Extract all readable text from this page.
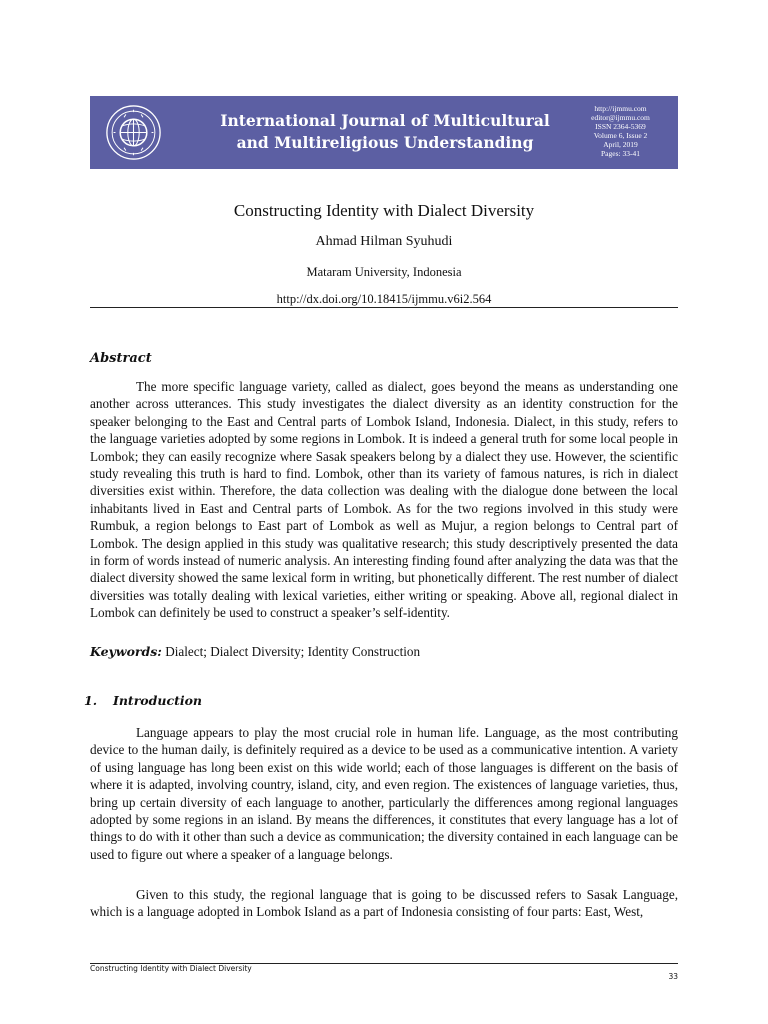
International Journal of Multicultural
and Multireligious Understanding
http://ijmmu.com
editor@ijmmu.com
ISSN 2364-5369
Volume 6, Issue 2
April, 2019
Pages: 33-41
Constructing Identity with Dialect Diversity
Ahmad Hilman Syuhudi
Mataram University, Indonesia
http://dx.doi.org/10.18415/ijmmu.v6i2.564
Abstract

The more specific language variety, called as dialect, goes beyond the means as understanding one another across utterances. This study investigates the dialect diversity as an identity construction for the speaker belonging to the East and Central parts of Lombok Island, Indonesia. Dialect, in this study, refers to the language varieties adopted by some regions in Lombok. It is indeed a general truth for some local people in Lombok; they can easily recognize where Sasak speakers belong by a dialect they use. However, the scientific study revealing this truth is hard to find. Lombok, other than its variety of famous natures, is rich in dialect diversities exist within. Therefore, the data collection was dealing with the dialogue done between the local inhabitants lived in East and Central parts of Lombok. As for the two regions involved in this study were Rumbuk, a region belongs to East part of Lombok as well as Mujur, a region belongs to Central part of Lombok. The design applied in this study was qualitative research; this study descriptively presented the data in form of words instead of numeric analysis. An interesting finding found after analyzing the data was that the dialect diversity showed the same lexical form in writing, but phonetically different. The rest number of dialect diversities was totally dealing with lexical varieties, either writing or speaking. Above all, regional dialect in Lombok can definitely be used to construct a speaker’s self-identity.

Keywords: Dialect; Dialect Diversity; Identity Construction
1. Introduction

Language appears to play the most crucial role in human life. Language, as the most contributing device to the human daily, is definitely required as a device to be used as a communicative intention. A variety of using language has long been exist on this wide world; each of those languages is different on the basis of where it is adapted, involving country, island, city, and even region. The existences of language varieties, thus, bring up certain diversity of each language to another, particularly the differences among regional languages adopted by some regions in an island. By means the differences, it constitutes that every language has a lot of things to do with it other than such a device as communication; the diversity contained in each language can be used to figure out where a speaker of a language belongs.

Given to this study, the regional language that is going to be discussed refers to Sasak Language, which is a language adopted in Lombok Island as a part of Indonesia consisting of four parts: East, West,

Constructing Identity with Dialect Diversity
33
